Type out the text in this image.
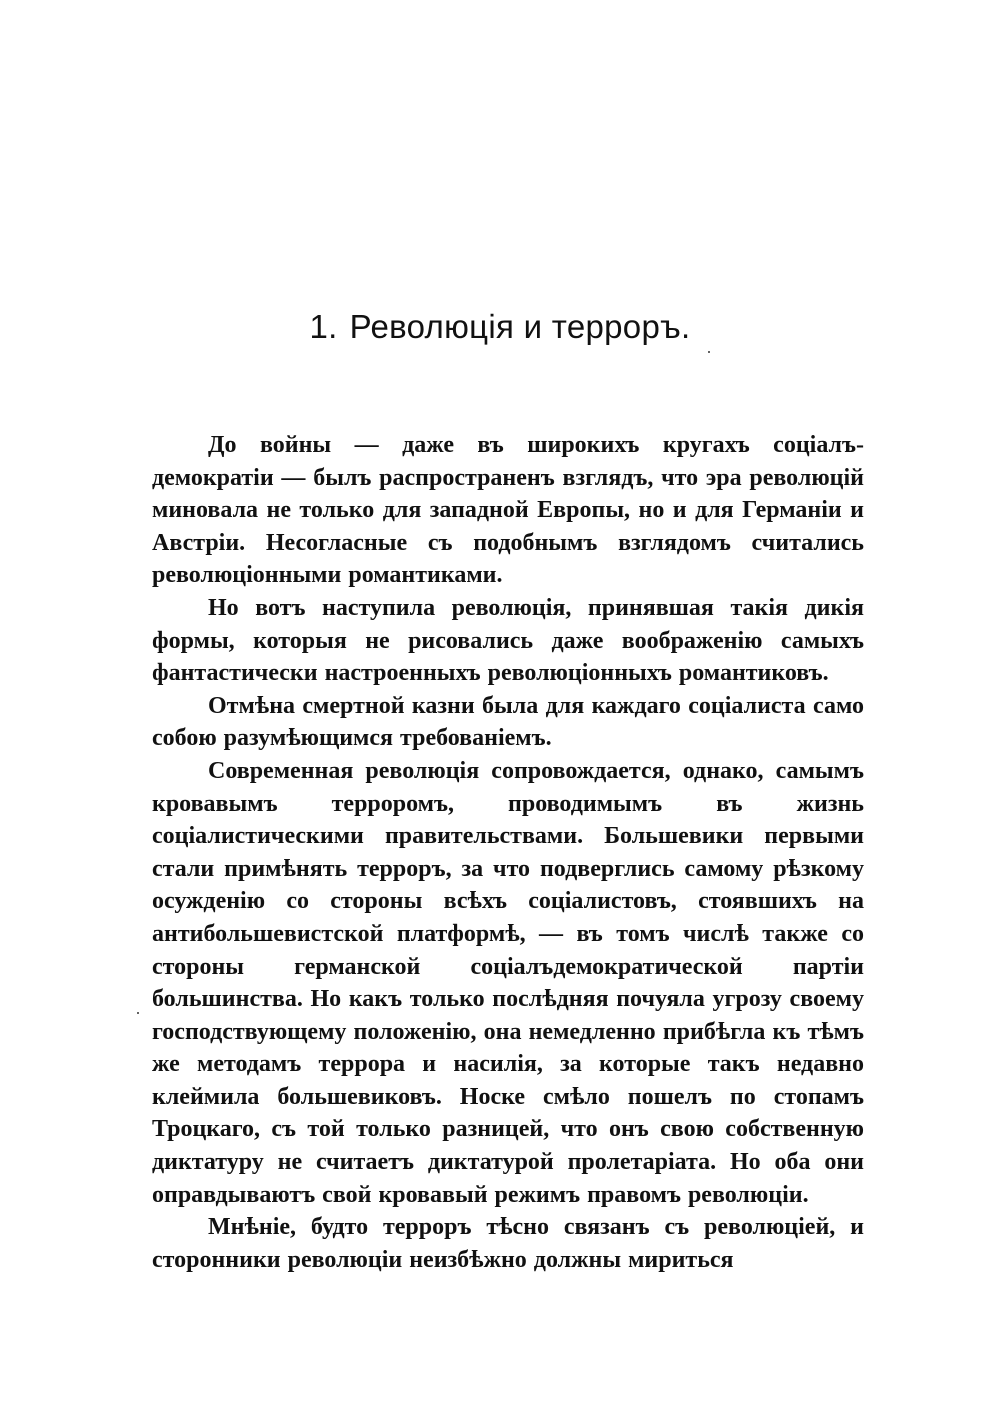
1. Революція и терроръ.

До войны — даже въ широкихъ кругахъ соціалъ-демократіи — былъ распространенъ взглядъ, что эра революцій миновала не только для западной Европы, но и для Германіи и Австріи. Несогласные съ подобнымъ взглядомъ считались революціонными романтиками.

Но вотъ наступила революція, принявшая такія дикія формы, которыя не рисовались даже воображенію самыхъ фантастически настроенныхъ революціонныхъ романтиковъ.

Отмѣна смертной казни была для каждаго соціалиста само собою разумѣющимся требованіемъ.

Современная революція сопровождается, однако, самымъ кровавымъ терроромъ, проводимымъ въ жизнь соціалистическими правительствами. Большевики первыми стали примѣнять терроръ, за что подверглись самому рѣзкому осужденію со стороны всѣхъ соціалистовъ, стоявшихъ на антибольшевистской платформѣ, — въ томъ числѣ также со стороны германской соціалъдемократической партіи большинства. Но какъ только послѣдняя почуяла угрозу своему господствующему положенію, она немедленно прибѣгла къ тѣмъ же методамъ террора и насилія, за которые такъ недавно клеймила большевиковъ. Носке смѣло пошелъ по стопамъ Троцкаго, съ той только разницей, что онъ свою собственную диктатуру не считаетъ диктатурой пролетаріата. Но оба они оправдываютъ свой кровавый режимъ правомъ революціи.

Мнѣніе, будто терроръ тѣсно связанъ съ революціей, и сторонники революціи неизбѣжно должны мириться
